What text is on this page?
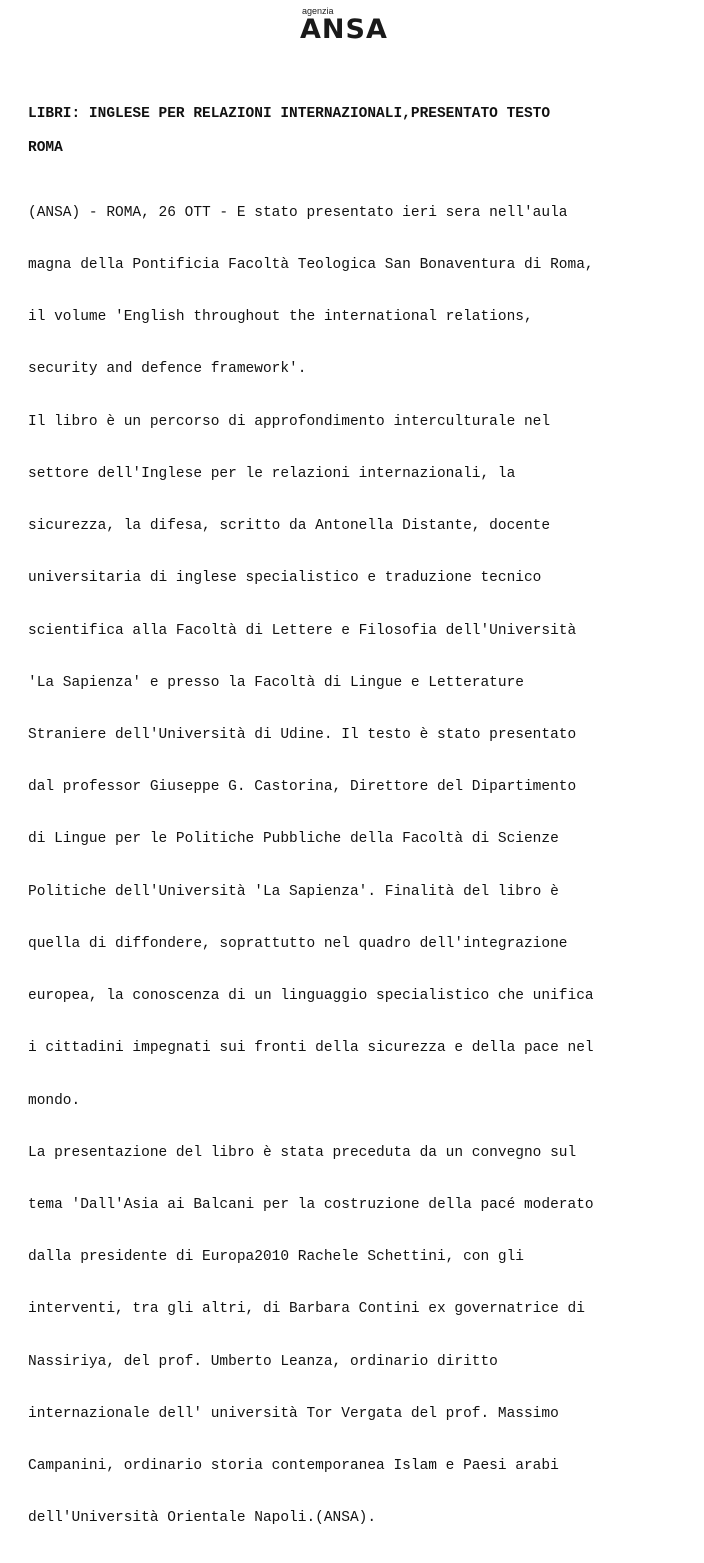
agenzia
ANSA
LIBRI: INGLESE PER RELAZIONI INTERNAZIONALI,PRESENTATO TESTO
ROMA

(ANSA) - ROMA, 26 OTT - E stato presentato ieri sera nell'aula

magna della Pontificia Facoltà Teologica San Bonaventura di Roma,

il volume 'English throughout the international relations,

security and defence framework'.

Il libro è un percorso di approfondimento interculturale nel

settore dell'Inglese per le relazioni internazionali, la

sicurezza, la difesa, scritto da Antonella Distante, docente

universitaria di inglese specialistico e traduzione tecnico

scientifica alla Facoltà di Lettere e Filosofia dell'Università

'La Sapienza' e presso la Facoltà di Lingue e Letterature

Straniere dell'Università di Udine. Il testo è stato presentato

dal professor Giuseppe G. Castorina, Direttore del Dipartimento

di Lingue per le Politiche Pubbliche della Facoltà di Scienze

Politiche dell'Università 'La Sapienza'. Finalità del libro è

quella di diffondere, soprattutto nel quadro dell'integrazione

europea, la conoscenza di un linguaggio specialistico che unifica

i cittadini impegnati sui fronti della sicurezza e della pace nel

mondo.

La presentazione del libro è stata preceduta da un convegno sul

tema 'Dall'Asia ai Balcani per la costruzione della pacé moderato

dalla presidente di Europa2010 Rachele Schettini, con gli

interventi, tra gli altri, di Barbara Contini ex governatrice di

Nassiriya, del prof. Umberto Leanza, ordinario diritto

internazionale dell' università Tor Vergata del prof. Massimo

Campanini, ordinario storia contemporanea Islam e Paesi arabi

dell'Università Orientale Napoli.(ANSA).
